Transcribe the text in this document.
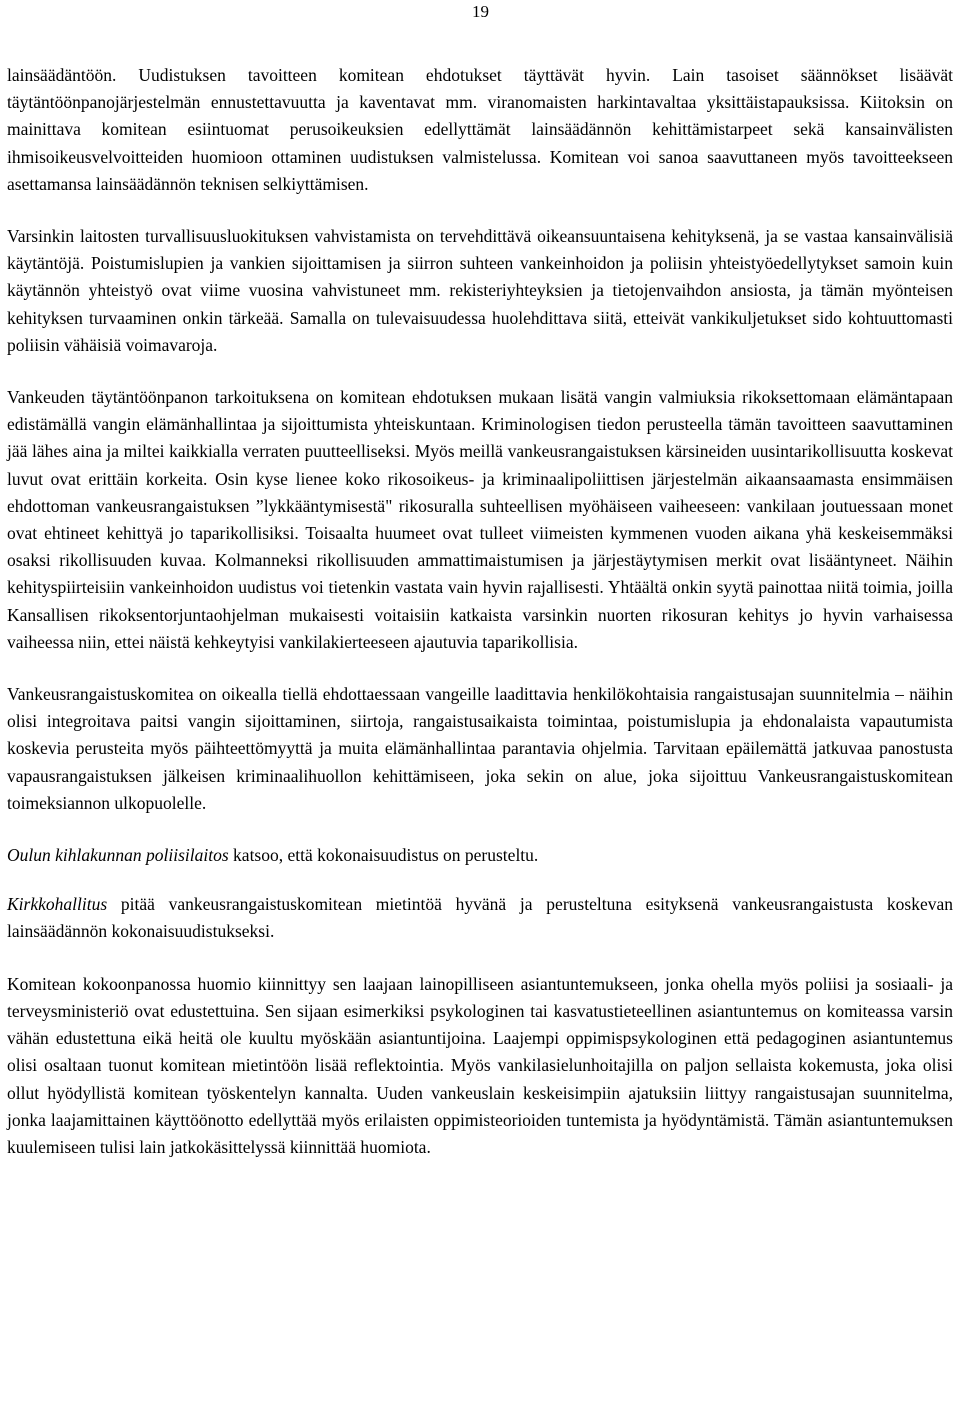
19

lainsäädäntöön. Uudistuksen tavoitteen komitean ehdotukset täyttävät hyvin. Lain tasoiset säännökset lisäävät täytäntöönpanojärjestelmän ennustettavuutta ja kaventavat mm. viranomaisten harkintavaltaa yksittäistapauksissa. Kiitoksin on mainittava komitean esiintuomat perusoikeuksien edellyttämät lainsäädännön kehittämistarpeet sekä kansainvälisten ihmisoikeusvelvoitteiden huomioon ottaminen uudistuksen valmistelussa. Komitean voi sanoa saavuttaneen myös tavoitteekseen asettamansa lainsäädännön teknisen selkiyttämisen.

Varsinkin laitosten turvallisuusluokituksen vahvistamista on tervehdittävä oikeansuuntaisena kehityksenä, ja se vastaa kansainvälisiä käytäntöjä. Poistumislupien ja vankien sijoittamisen ja siirron suhteen vankeinhoidon ja poliisin yhteistyöedellytykset samoin kuin käytännön yhteistyö ovat viime vuosina vahvistuneet mm. rekisteriyhteyksien ja tietojenvaihdon ansiosta, ja tämän myönteisen kehityksen turvaaminen onkin tärkeää. Samalla on tulevaisuudessa huolehdittava siitä, etteivät vankikuljetukset sido kohtuuttomasti poliisin vähäisiä voimavaroja.

Vankeuden täytäntöönpanon tarkoituksena on komitean ehdotuksen mukaan lisätä vangin valmiuksia rikoksettomaan elämäntapaan edistämällä vangin elämänhallintaa ja sijoittumista yhteiskuntaan. Kriminologisen tiedon perusteella tämän tavoitteen saavuttaminen jää lähes aina ja miltei kaikkialla verraten puutteelliseksi. Myös meillä vankeusrangaistuksen kärsineiden uusintarikollisuutta koskevat luvut ovat erittäin korkeita. Osin kyse lienee koko rikosoikeus- ja kriminaalipoliittisen järjestelmän aikaansaamasta ensimmäisen ehdottoman vankeusrangaistuksen ”lykkääntymisestä" rikosuralla suhteellisen myöhäiseen vaiheeseen: vankilaan joutuessaan monet ovat ehtineet kehittyä jo taparikollisiksi. Toisaalta huumeet ovat tulleet viimeisten kymmenen vuoden aikana yhä keskeisemmäksi osaksi rikollisuuden kuvaa. Kolmanneksi rikollisuuden ammattimaistumisen ja järjestäytymisen merkit ovat lisääntyneet. Näihin kehityspiirteisiin vankeinhoidon uudistus voi tietenkin vastata vain hyvin rajallisesti. Yhtäältä onkin syytä painottaa niitä toimia, joilla Kansallisen rikoksentorjuntaohjelman mukaisesti voitaisiin katkaista varsinkin nuorten rikosuran kehitys jo hyvin varhaisessa vaiheessa niin, ettei näistä kehkeytyisi vankilakierteeseen ajautuvia taparikollisia.

Vankeusrangaistuskomitea on oikealla tiellä ehdottaessaan vangeille laadittavia henkilökohtaisia rangaistusajan suunnitelmia – näihin olisi integroitava paitsi vangin sijoittaminen, siirtoja, rangaistusaikaista toimintaa, poistumislupia ja ehdonalaista vapautumista koskevia perusteita myös päihteettömyyttä ja muita elämänhallintaa parantavia ohjelmia. Tarvitaan epäilemättä jatkuvaa panostusta vapausrangaistuksen jälkeisen kriminaalihuollon kehittämiseen, joka sekin on alue, joka sijoittuu Vankeusrangaistuskomitean toimeksiannon ulkopuolelle.

Oulun kihlakunnan poliisilaitos katsoo, että kokonaisuudistus on perusteltu.

Kirkkohallitus pitää vankeusrangaistuskomitean mietintöä hyvänä ja perusteltuna esityksenä vankeusrangaistusta koskevan lainsäädännön kokonaisuudistukseksi.

Komitean kokoonpanossa huomio kiinnittyy sen laajaan lainopilliseen asiantuntemukseen, jonka ohella myös poliisi ja sosiaali- ja terveysministeriö ovat edustettuina. Sen sijaan esimerkiksi psykologinen tai kasvatustieteellinen asiantuntemus on komiteassa varsin vähän edustettuna eikä heitä ole kuultu myöskään asiantuntijoina. Laajempi oppimispsykologinen että pedagoginen asiantuntemus olisi osaltaan tuonut komitean mietintöön lisää reflektointia. Myös vankilasielunhoitajilla on paljon sellaista kokemusta, joka olisi ollut hyödyllistä komitean työskentelyn kannalta. Uuden vankeuslain keskeisimpiin ajatuksiin liittyy rangaistusajan suunnitelma, jonka laajamittainen käyttöönotto edellyttää myös erilaisten oppimisteorioiden tuntemista ja hyödyntämistä. Tämän asiantuntemuksen kuulemiseen tulisi lain jatkokäsittelyssä kiinnittää huomiota.
